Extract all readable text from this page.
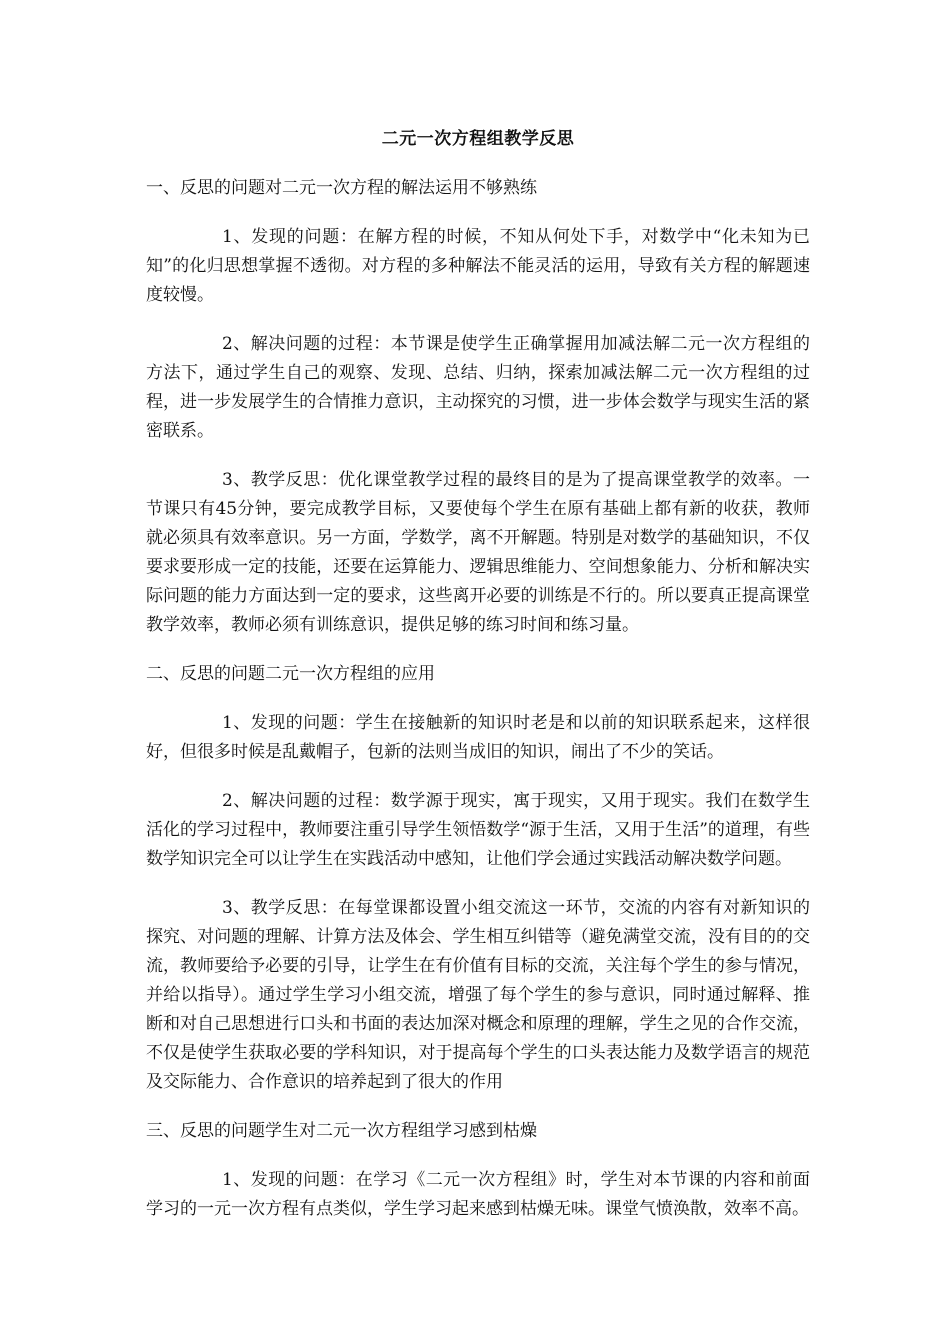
二元一次方程组教学反思
一、反思的问题对二元一次方程的解法运用不够熟练
1、发现的问题：在解方程的时候，不知从何处下手，对数学中“化未知为已知”的化归思想掌握不透彻。对方程的多种解法不能灵活的运用，导致有关方程的解题速度较慢。
2、解决问题的过程：本节课是使学生正确掌握用加减法解二元一次方程组的方法下，通过学生自己的观察、发现、总结、归纳，探索加减法解二元一次方程组的过程，进一步发展学生的合情推力意识，主动探究的习惯，进一步体会数学与现实生活的紧密联系。
3、教学反思：优化课堂教学过程的最终目的是为了提高课堂教学的效率。一节课只有45分钟，要完成教学目标，又要使每个学生在原有基础上都有新的收获，教师就必须具有效率意识。另一方面，学数学，离不开解题。特别是对数学的基础知识，不仅要求要形成一定的技能，还要在运算能力、逻辑思维能力、空间想象能力、分析和解决实际问题的能力方面达到一定的要求，这些离开必要的训练是不行的。所以要真正提高课堂教学效率，教师必须有训练意识，提供足够的练习时间和练习量。
二、反思的问题二元一次方程组的应用
1、发现的问题：学生在接触新的知识时老是和以前的知识联系起来，这样很好，但很多时候是乱戴帽子，包新的法则当成旧的知识，闹出了不少的笑话。
2、解决问题的过程：数学源于现实，寓于现实，又用于现实。我们在数学生活化的学习过程中，教师要注重引导学生领悟数学“源于生活，又用于生活”的道理，有些数学知识完全可以让学生在实践活动中感知，让他们学会通过实践活动解决数学问题。
3、教学反思：在每堂课都设置小组交流这一环节，交流的内容有对新知识的探究、对问题的理解、计算方法及体会、学生相互纠错等（避免满堂交流，没有目的的交流，教师要给予必要的引导，让学生在有价值有目标的交流，关注每个学生的参与情况，并给以指导）。通过学生学习小组交流，增强了每个学生的参与意识，同时通过解释、推断和对自己思想进行口头和书面的表达加深对概念和原理的理解，学生之见的合作交流，不仅是使学生获取必要的学科知识，对于提高每个学生的口头表达能力及数学语言的规范及交际能力、合作意识的培养起到了很大的作用
三、反思的问题学生对二元一次方程组学习感到枯燥
1、发现的问题：在学习《二元一次方程组》时，学生对本节课的内容和前面学习的一元一次方程有点类似，学生学习起来感到枯燥无味。课堂气愤涣散，效率不高。
